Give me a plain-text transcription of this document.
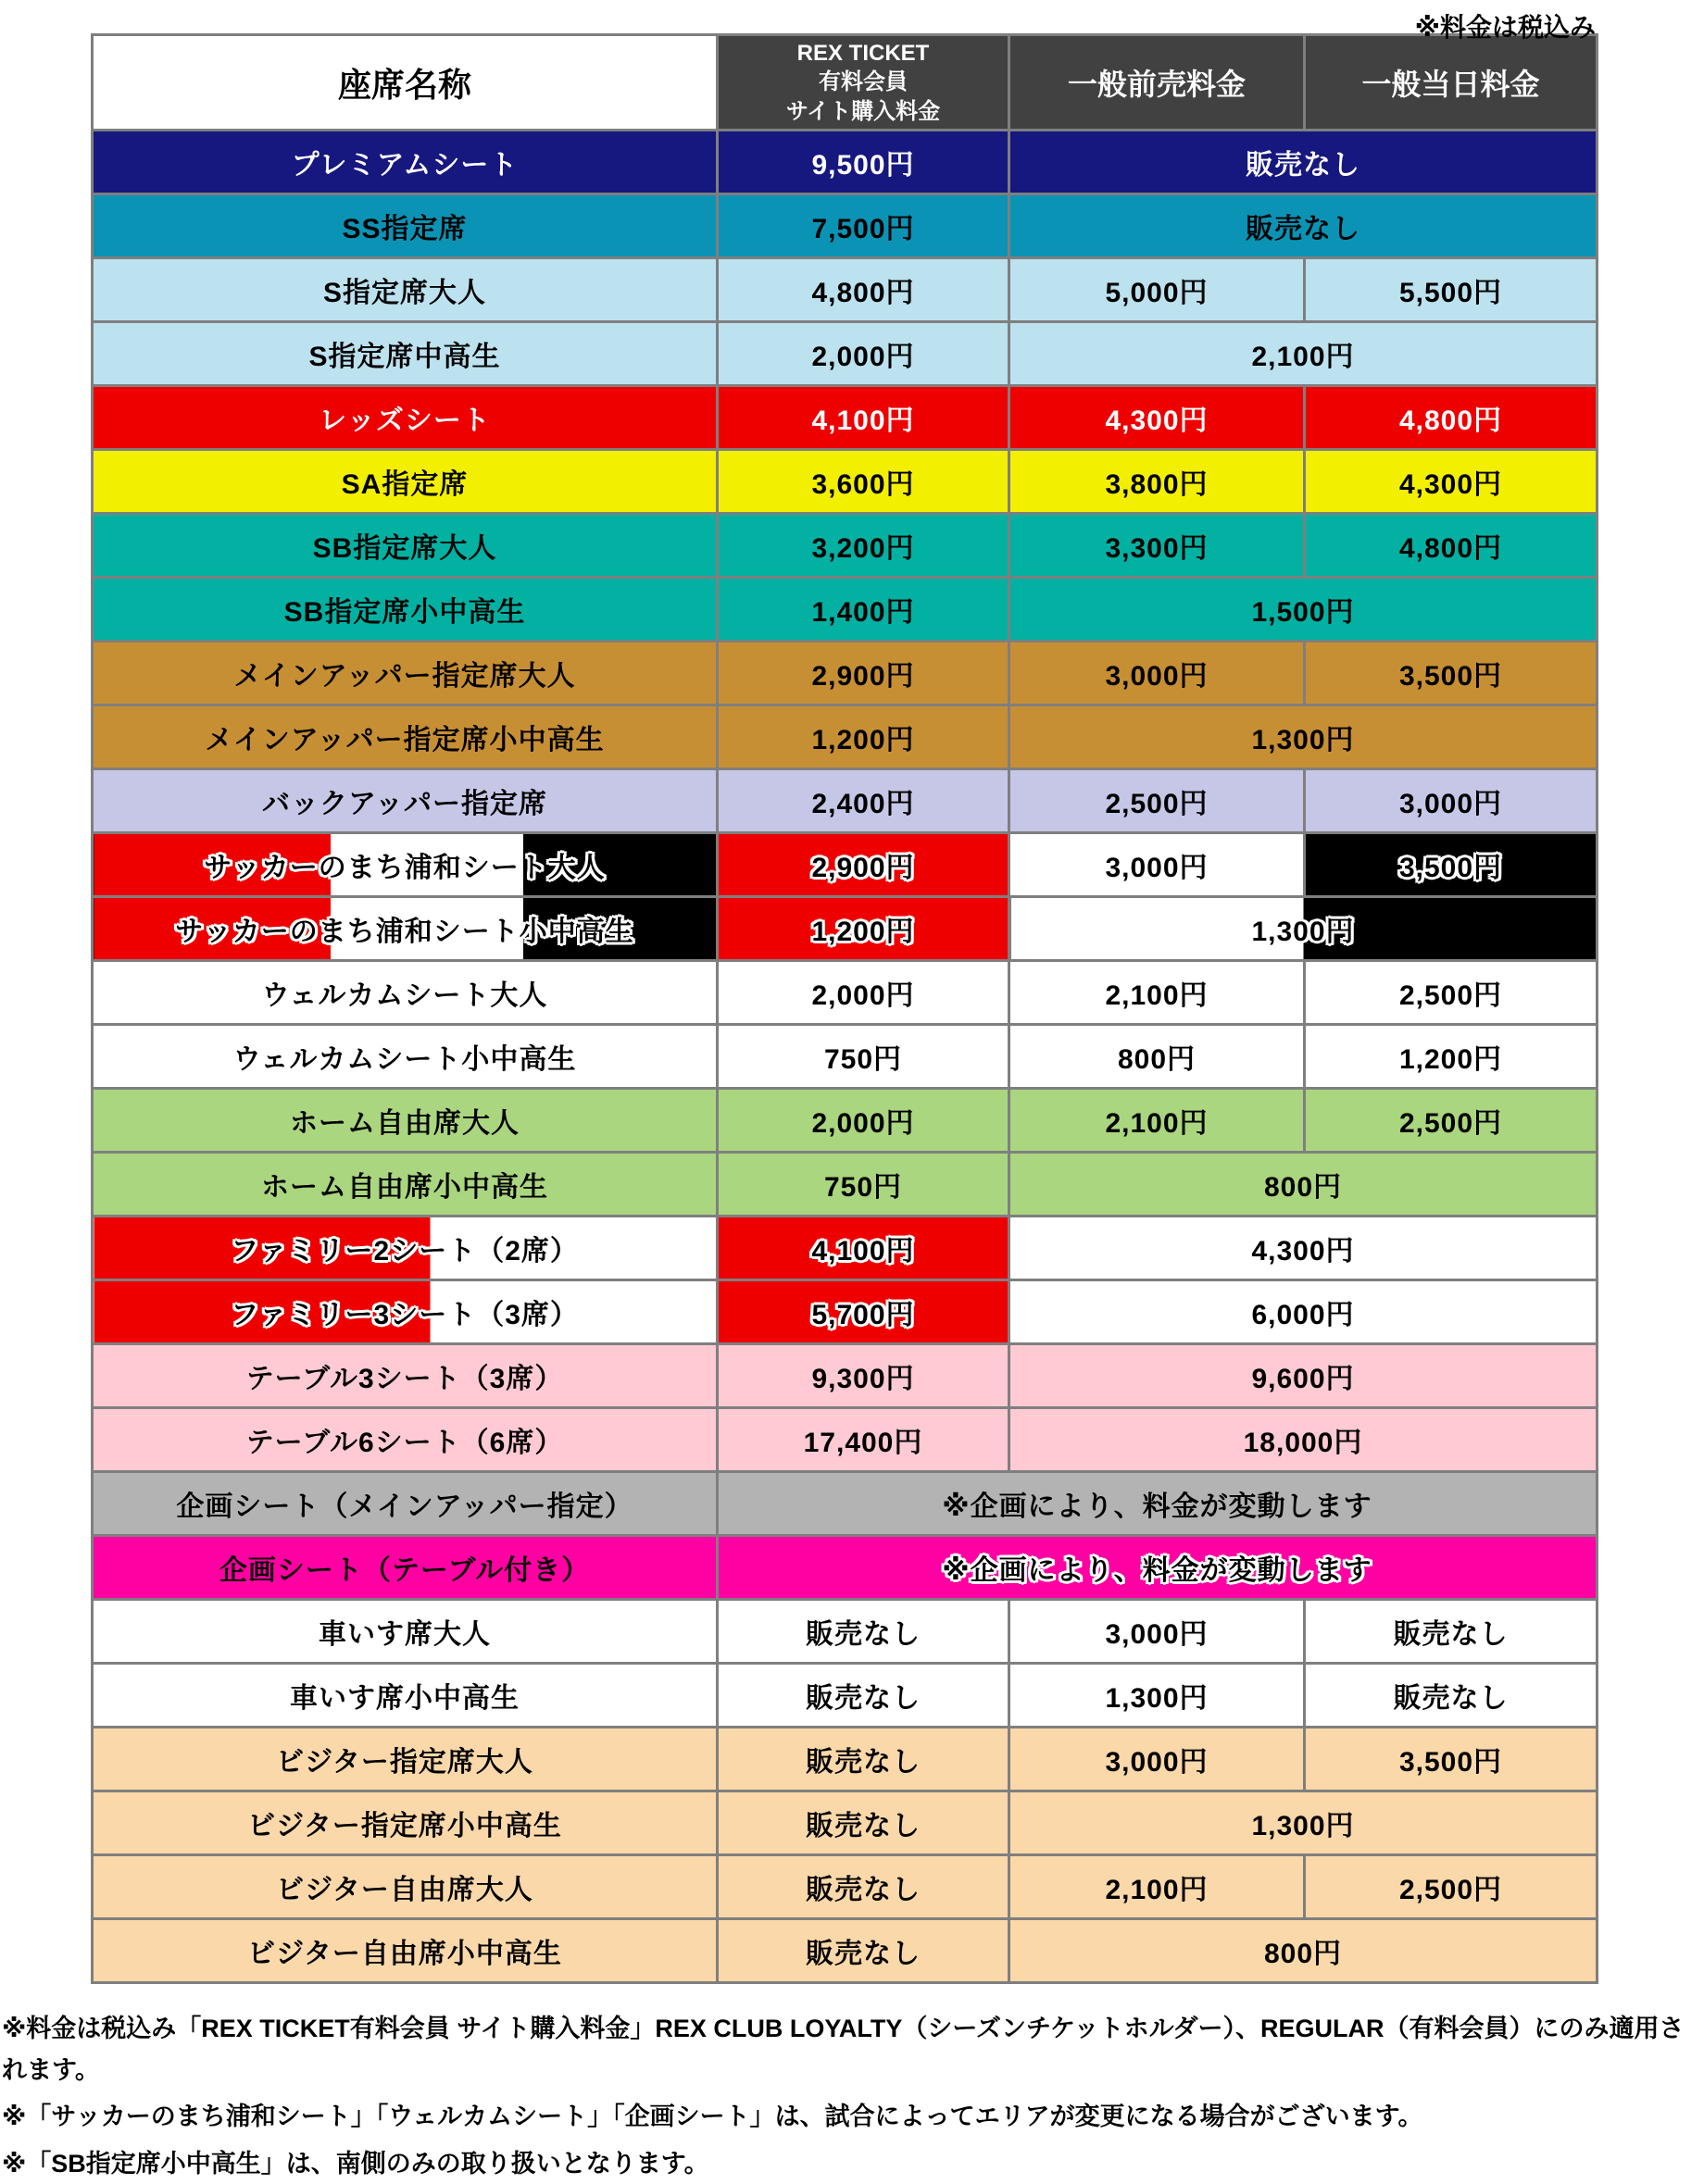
※料金は税込み
座席名称	REX TICKET
有料会員
サイト購入料金	一般前売料金	一般当日料金
プレミアムシート	9,500円	販売なし	
SS指定席	7,500円	販売なし	
S指定席大人	4,800円	5,000円	5,500円
S指定席中高生	2,000円	2,100円	
レッズシート	4,100円	4,300円	4,800円
SA指定席	3,600円	3,800円	4,300円
SB指定席大人	3,200円	3,300円	4,800円
SB指定席小中高生	1,400円	1,500円	
メインアッパー指定席大人	2,900円	3,000円	3,500円
メインアッパー指定席小中高生	1,200円	1,300円	
バックアッパー指定席	2,400円	2,500円	3,000円
サッカーのまち浦和シート大人	2,900円	3,000円	3,500円
サッカーのまち浦和シート小中高生	1,200円	1,300円	
ウェルカムシート大人	2,000円	2,100円	2,500円
ウェルカムシート小中高生	750円	800円	1,200円
ホーム自由席大人	2,000円	2,100円	2,500円
ホーム自由席小中高生	750円	800円	
ファミリー2シート（2席）	4,100円	4,300円	
ファミリー3シート（3席）	5,700円	6,000円	
テーブル3シート（3席）	9,300円	9,600円	
テーブル6シート（6席）	17,400円	18,000円	
企画シート（メインアッパー指定）	※企画により、料金が変動します		
企画シート（テーブル付き）	※企画により、料金が変動します		
車いす席大人	販売なし	3,000円	販売なし
車いす席小中高生	販売なし	1,300円	販売なし
ビジター指定席大人	販売なし	3,000円	3,500円
ビジター指定席小中高生	販売なし	1,300円	
ビジター自由席大人	販売なし	2,100円	2,500円
ビジター自由席小中高生	販売なし	800円	

※料金は税込み「REX TICKET有料会員 サイト購入料金」REX CLUB LOYALTY（シーズンチケットホルダー）、REGULAR（有料会員）にのみ適用されます。

※「サッカーのまち浦和シート」「ウェルカムシート」「企画シート」は、試合によってエリアが変更になる場合がございます。

※「SB指定席小中高生」は、南側のみの取り扱いとなります。
